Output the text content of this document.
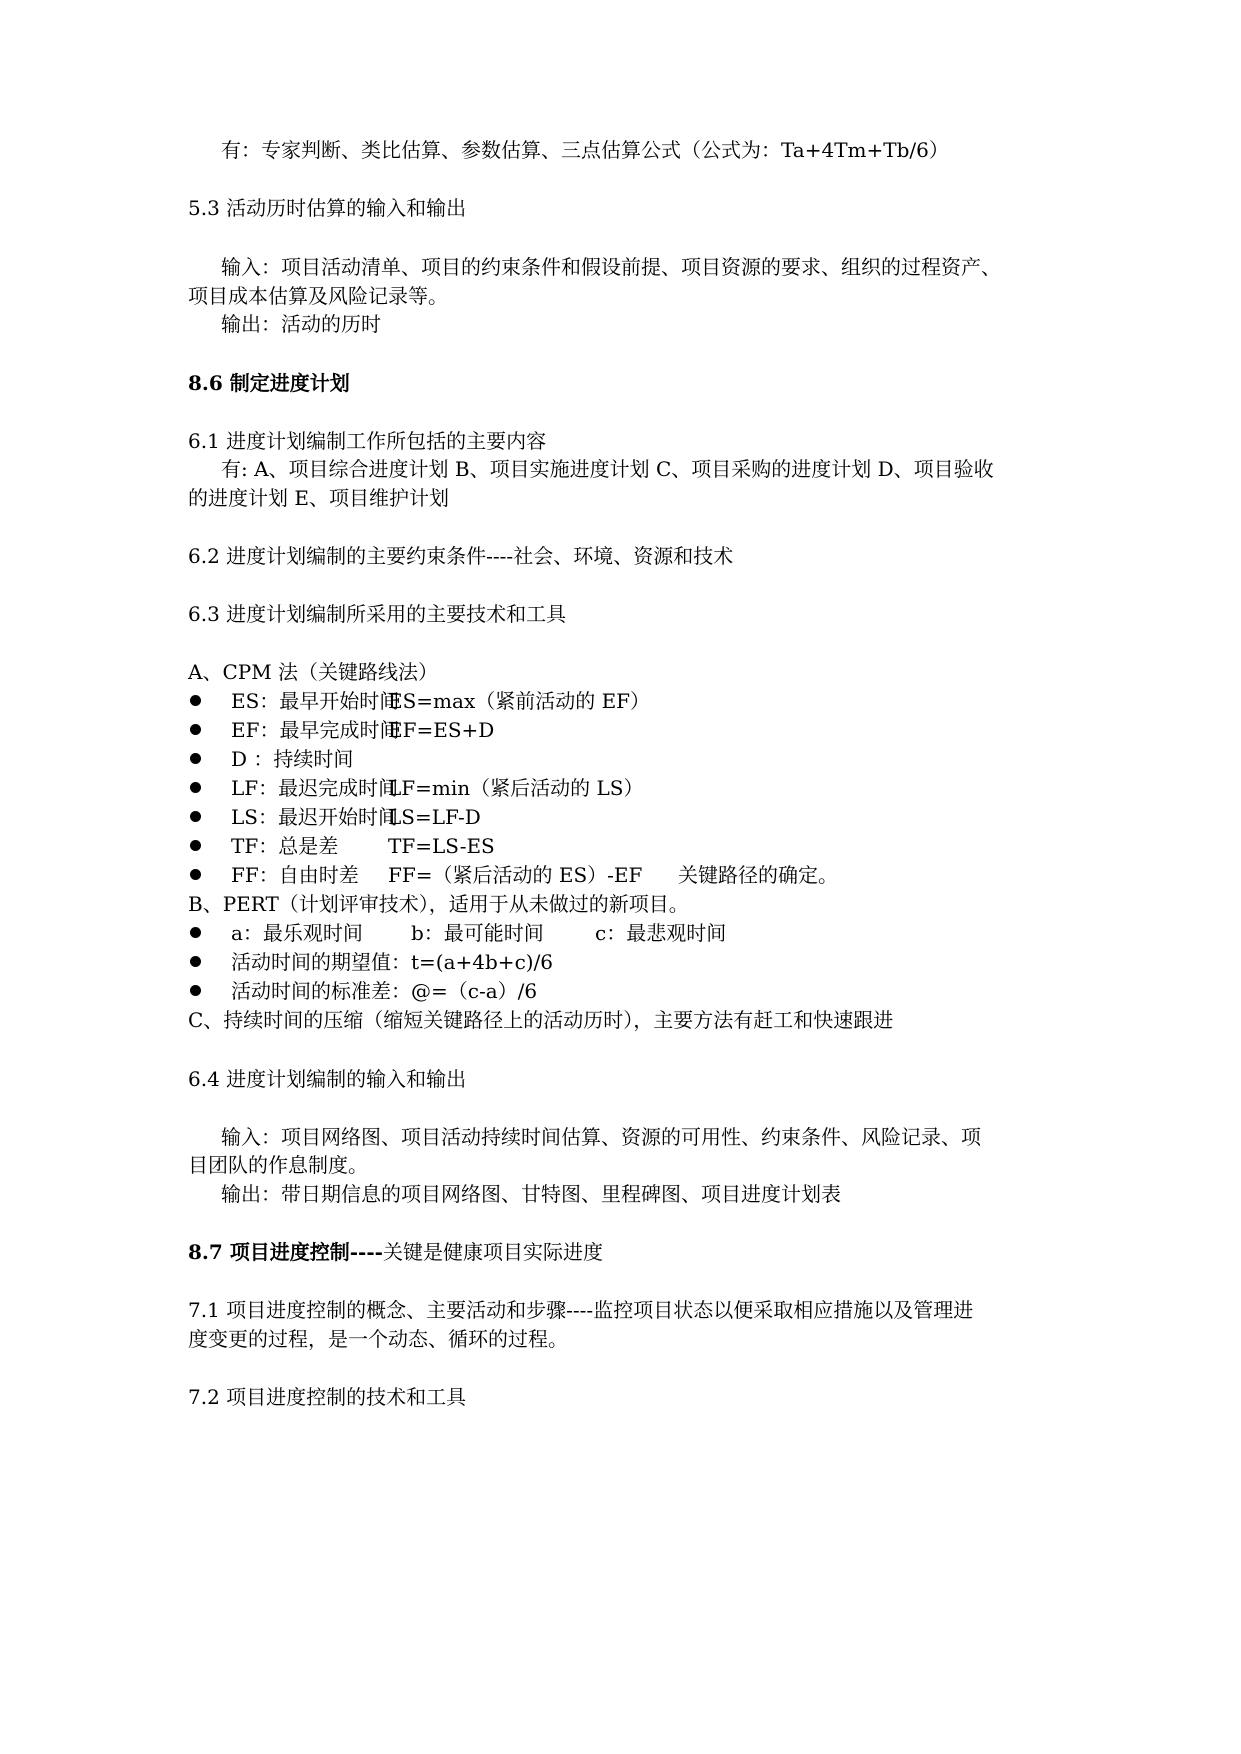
有：专家判断、类比估算、参数估算、三点估算公式（公式为：Ta+4Tm+Tb/6）
5.3 活动历时估算的输入和输出
输入：项目活动清单、项目的约束条件和假设前提、项目资源的要求、组织的过程资产、
项目成本估算及风险记录等。
输出：活动的历时
8.6 制定进度计划
6.1 进度计划编制工作所包括的主要内容
有: A、项目综合进度计划 B、项目实施进度计划 C、项目采购的进度计划 D、项目验收
的进度计划 E、项目维护计划
6.2 进度计划编制的主要约束条件----社会、环境、资源和技术
6.3 进度计划编制所采用的主要技术和工具
A、CPM 法（关键路线法）
ES：最早开始时间ES=max（紧前活动的 EF）
EF：最早完成时间EF=ES+D
D ：持续时间
LF：最迟完成时间LF=min（紧后活动的 LS）
LS：最迟开始时间LS=LF-D
TF：总是差 TF=LS-ES
FF：自由时差 FF=（紧后活动的 ES）-EF 关键路径的确定。
B、PERT（计划评审技术），适用于从未做过的新项目。
a：最乐观时间 b：最可能时间	c：最悲观时间
活动时间的期望值：t=(a+4b+c)/6
活动时间的标准差：@=（c-a）/6
C、持续时间的压缩（缩短关键路径上的活动历时），主要方法有赶工和快速跟进
6.4 进度计划编制的输入和输出
输入：项目网络图、项目活动持续时间估算、资源的可用性、约束条件、风险记录、项
目团队的作息制度。
输出：带日期信息的项目网络图、甘特图、里程碑图、项目进度计划表
8.7 项目进度控制----关键是健康项目实际进度
7.1 项目进度控制的概念、主要活动和步骤----监控项目状态以便采取相应措施以及管理进
度变更的过程，是一个动态、循环的过程。
7.2 项目进度控制的技术和工具
